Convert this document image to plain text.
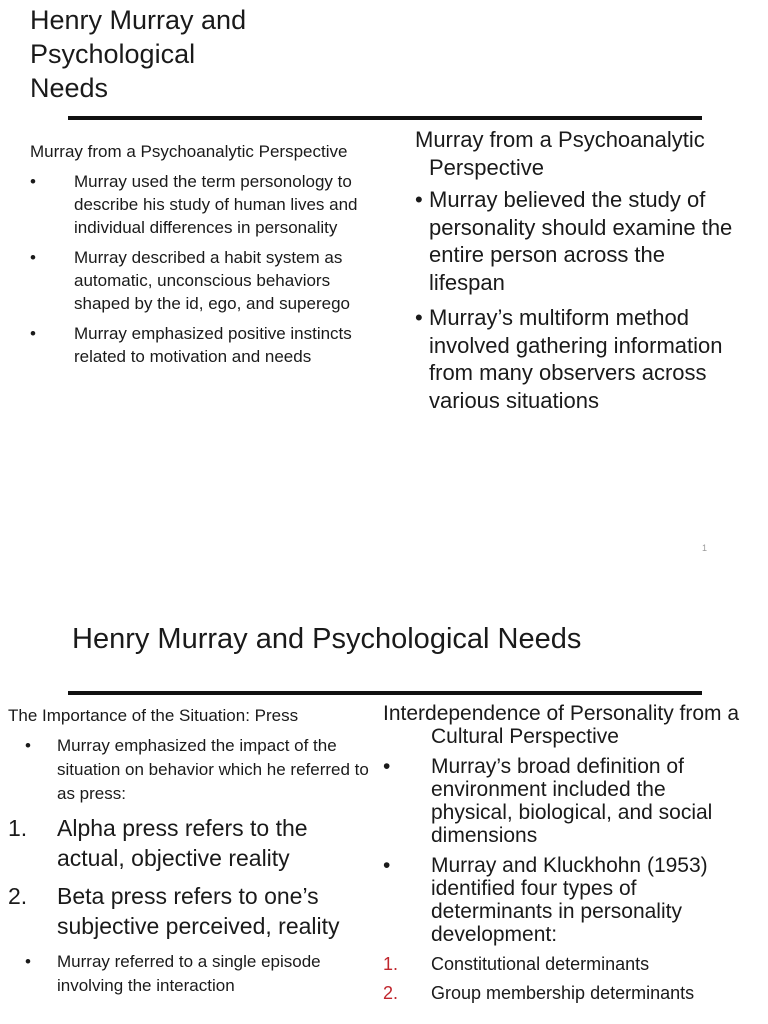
Henry Murray and
Psychological
Needs
Murray from a Psychoanalytic Perspective
• Murray used the term personology to describe his study of human lives and individual differences in personality
• Murray described a habit system as automatic, unconscious behaviors shaped by the id, ego, and superego
• Murray emphasized positive instincts related to motivation and needs
Murray from a Psychoanalytic Perspective
• Murray believed the study of personality should examine the entire person across the lifespan
• Murray’s multiform method involved gathering information from many observers across various situations
1
Henry Murray and Psychological Needs
The Importance of the Situation: Press
• Murray emphasized the impact of the situation on behavior which he referred to as press:
1. Alpha press refers to the actual, objective reality
2. Beta press refers to one’s subjective perceived, reality
• Murray referred to a single episode involving the interaction
Interdependence of Personality from a Cultural Perspective
• Murray’s broad definition of environment included the physical, biological, and social dimensions
• Murray and Kluckhohn (1953) identified four types of determinants in personality development:
1. Constitutional determinants
2. Group membership determinants
